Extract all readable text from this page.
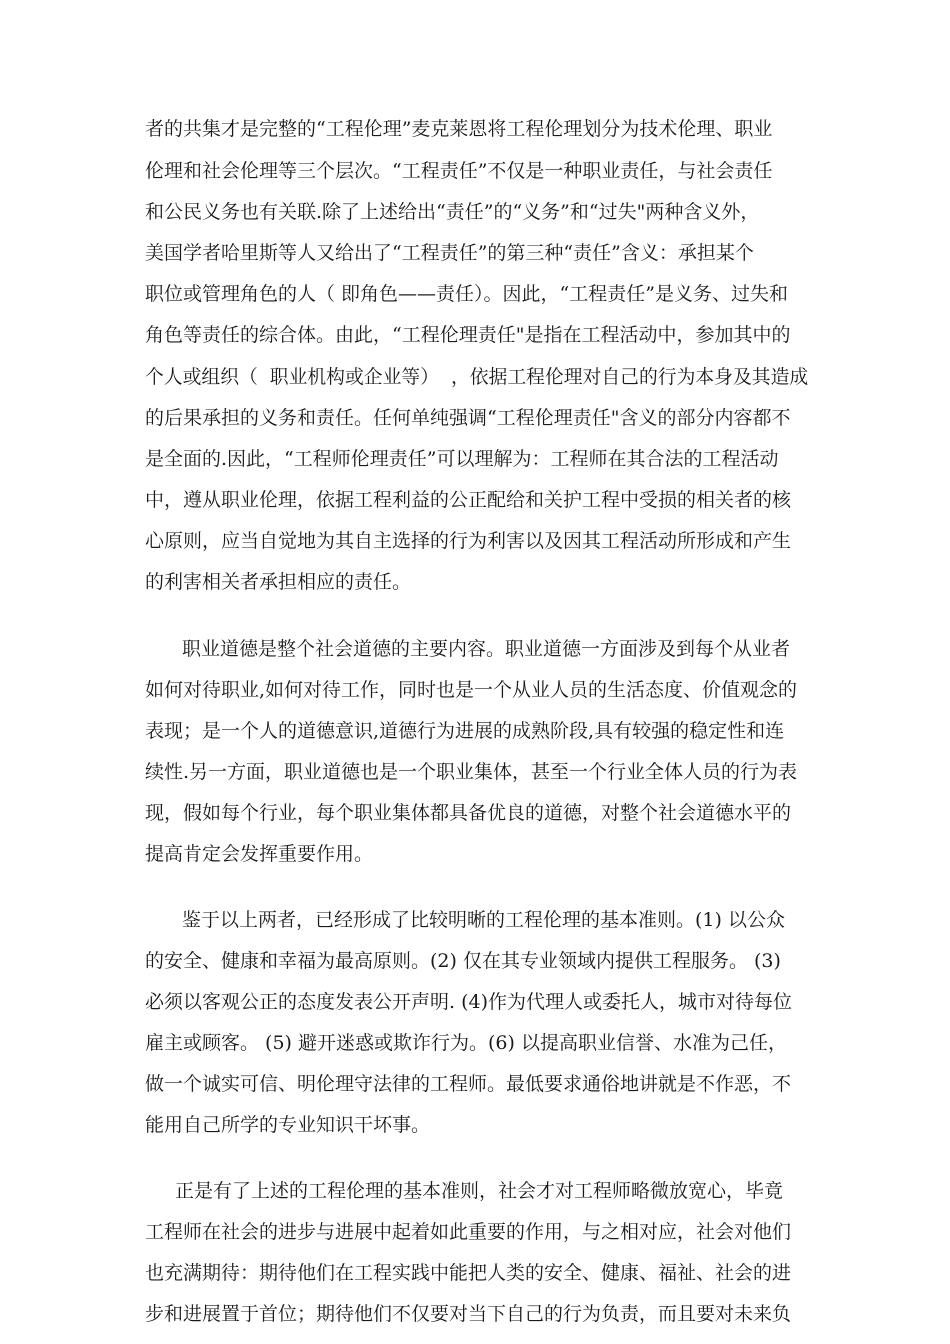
者的共集才是完整的“工程伦理”麦克莱恩将工程伦理划分为技术伦理、职业
伦理和社会伦理等三个层次。“工程责任”不仅是一种职业责任，与社会责任
和公民义务也有关联.除了上述给出“责任”的“义务”和“过失"两种含义外，
美国学者哈里斯等人又给出了“工程责任”的第三种“责任”含义：承担某个
职位或管理角色的人（ 即角色——责任）。因此，“工程责任”是义务、过失和
角色等责任的综合体。由此，“工程伦理责任"是指在工程活动中，参加其中的
个人或组织（  职业机构或企业等）  ，依据工程伦理对自己的行为本身及其造成
的后果承担的义务和责任。任何单纯强调“工程伦理责任"含义的部分内容都不
是全面的.因此，“工程师伦理责任”可以理解为：工程师在其合法的工程活动
中，遵从职业伦理，依据工程利益的公正配给和关护工程中受损的相关者的核
心原则，应当自觉地为其自主选择的行为利害以及因其工程活动所形成和产生
的利害相关者承担相应的责任。
职业道德是整个社会道德的主要内容。职业道德一方面涉及到每个从业者
如何对待职业,如何对待工作，同时也是一个从业人员的生活态度、价值观念的
表现；是一个人的道德意识,道德行为进展的成熟阶段,具有较强的稳定性和连
续性.另一方面，职业道德也是一个职业集体，甚至一个行业全体人员的行为表
现，假如每个行业，每个职业集体都具备优良的道德，对整个社会道德水平的
提高肯定会发挥重要作用。
鉴于以上两者，已经形成了比较明晰的工程伦理的基本准则。(1) 以公众
的安全、健康和幸福为最高原则。(2) 仅在其专业领域内提供工程服务。 (3)
必须以客观公正的态度发表公开声明. (4)作为代理人或委托人，城市对待每位
雇主或顾客。 (5) 避开迷惑或欺诈行为。(6) 以提高职业信誉、水准为己任，
做一个诚实可信、明伦理守法律的工程师。最低要求通俗地讲就是不作恶，不
能用自己所学的专业知识干坏事。
正是有了上述的工程伦理的基本准则，社会才对工程师略微放宽心，毕竟
工程师在社会的进步与进展中起着如此重要的作用，与之相对应，社会对他们
也充满期待：期待他们在工程实践中能把人类的安全、健康、福祉、社会的进
步和进展置于首位；期待他们不仅要对当下自己的行为负责，而且要对未来负
